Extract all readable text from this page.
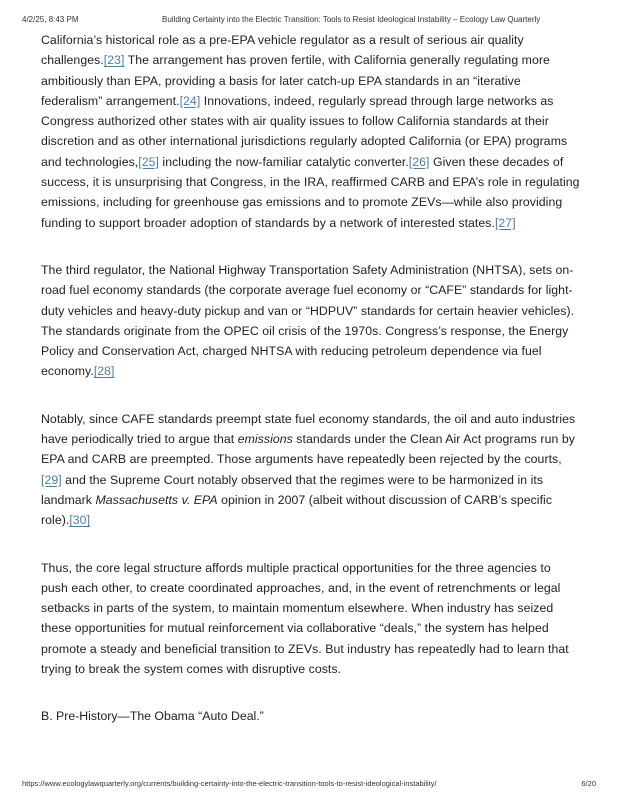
4/2/25, 8:43 PM	Building Certainty into the Electric Transition: Tools to Resist Ideological Instability – Ecology Law Quarterly

California’s historical role as a pre-EPA vehicle regulator as a result of serious air quality challenges.[23] The arrangement has proven fertile, with California generally regulating more ambitiously than EPA, providing a basis for later catch-up EPA standards in an “iterative federalism” arrangement.[24] Innovations, indeed, regularly spread through large networks as Congress authorized other states with air quality issues to follow California standards at their discretion and as other international jurisdictions regularly adopted California (or EPA) programs and technologies,[25] including the now-familiar catalytic converter.[26] Given these decades of success, it is unsurprising that Congress, in the IRA, reaffirmed CARB and EPA’s role in regulating emissions, including for greenhouse gas emissions and to promote ZEVs—while also providing funding to support broader adoption of standards by a network of interested states.[27]

The third regulator, the National Highway Transportation Safety Administration (NHTSA), sets on-road fuel economy standards (the corporate average fuel economy or “CAFE” standards for light-duty vehicles and heavy-duty pickup and van or “HDPUV” standards for certain heavier vehicles). The standards originate from the OPEC oil crisis of the 1970s. Congress’s response, the Energy Policy and Conservation Act, charged NHTSA with reducing petroleum dependence via fuel economy.[28]

Notably, since CAFE standards preempt state fuel economy standards, the oil and auto industries have periodically tried to argue that emissions standards under the Clean Air Act programs run by EPA and CARB are preempted. Those arguments have repeatedly been rejected by the courts,[29] and the Supreme Court notably observed that the regimes were to be harmonized in its landmark Massachusetts v. EPA opinion in 2007 (albeit without discussion of CARB’s specific role).[30]

Thus, the core legal structure affords multiple practical opportunities for the three agencies to push each other, to create coordinated approaches, and, in the event of retrenchments or legal setbacks in parts of the system, to maintain momentum elsewhere. When industry has seized these opportunities for mutual reinforcement via collaborative “deals,” the system has helped promote a steady and beneficial transition to ZEVs. But industry has repeatedly had to learn that trying to break the system comes with disruptive costs.

B. Pre-History—The Obama “Auto Deal.”

https://www.ecologylawquarterly.org/currents/building-certainty-into-the-electric-transition-tools-to-resist-ideological-instability/	6/20
